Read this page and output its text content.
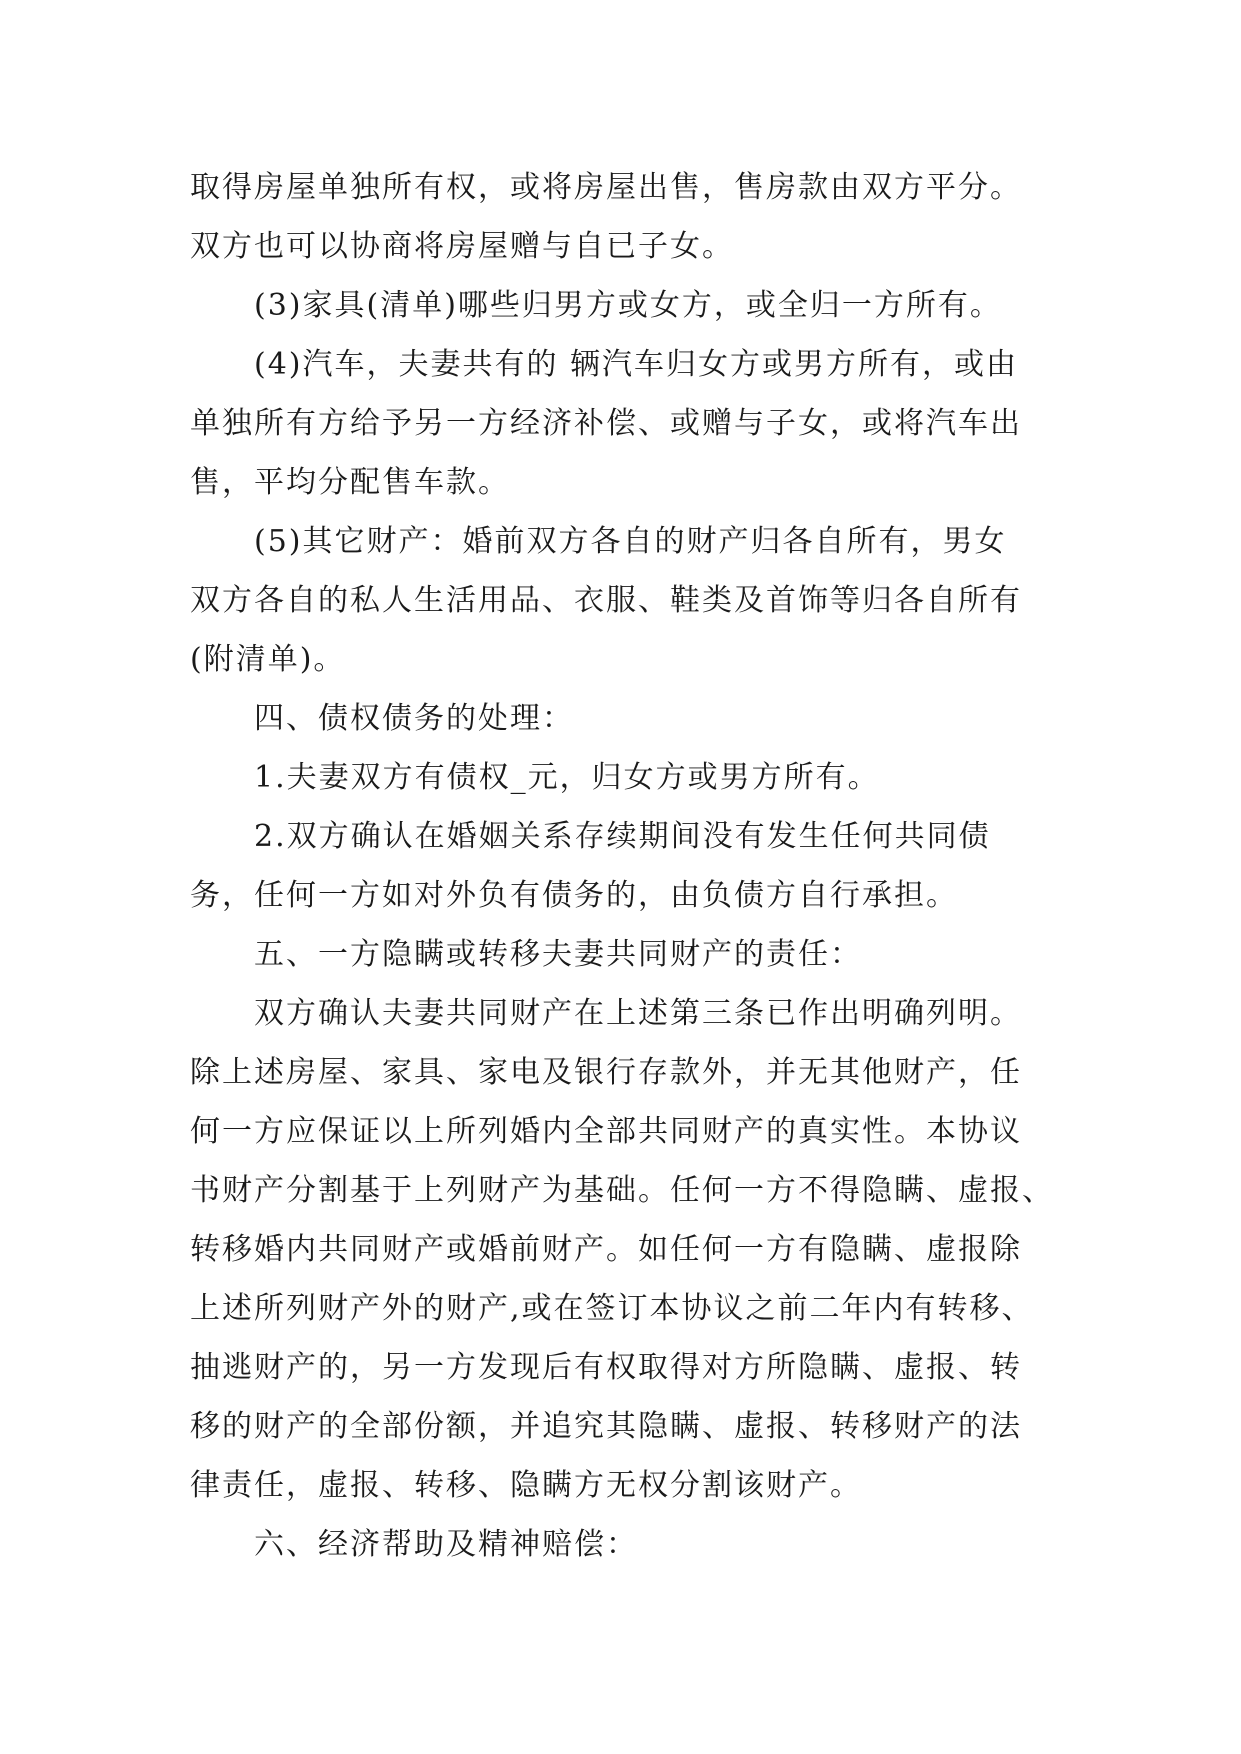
取得房屋单独所有权，或将房屋出售，售房款由双方平分。
双方也可以协商将房屋赠与自已子女。
(3)家具(清单)哪些归男方或女方，或全归一方所有。
(4)汽车，夫妻共有的 辆汽车归女方或男方所有，或由
单独所有方给予另一方经济补偿、或赠与子女，或将汽车出
售，平均分配售车款。
(5)其它财产：婚前双方各自的财产归各自所有，男女
双方各自的私人生活用品、衣服、鞋类及首饰等归各自所有
(附清单)。
四、债权债务的处理：
1.夫妻双方有债权_元，归女方或男方所有。
2.双方确认在婚姻关系存续期间没有发生任何共同债
务，任何一方如对外负有债务的，由负债方自行承担。
五、一方隐瞒或转移夫妻共同财产的责任：
双方确认夫妻共同财产在上述第三条已作出明确列明。
除上述房屋、家具、家电及银行存款外，并无其他财产，任
何一方应保证以上所列婚内全部共同财产的真实性。本协议
书财产分割基于上列财产为基础。任何一方不得隐瞒、虚报、
转移婚内共同财产或婚前财产。如任何一方有隐瞒、虚报除
上述所列财产外的财产,或在签订本协议之前二年内有转移、
抽逃财产的，另一方发现后有权取得对方所隐瞒、虚报、转
移的财产的全部份额，并追究其隐瞒、虚报、转移财产的法
律责任，虚报、转移、隐瞒方无权分割该财产。
六、经济帮助及精神赔偿：
